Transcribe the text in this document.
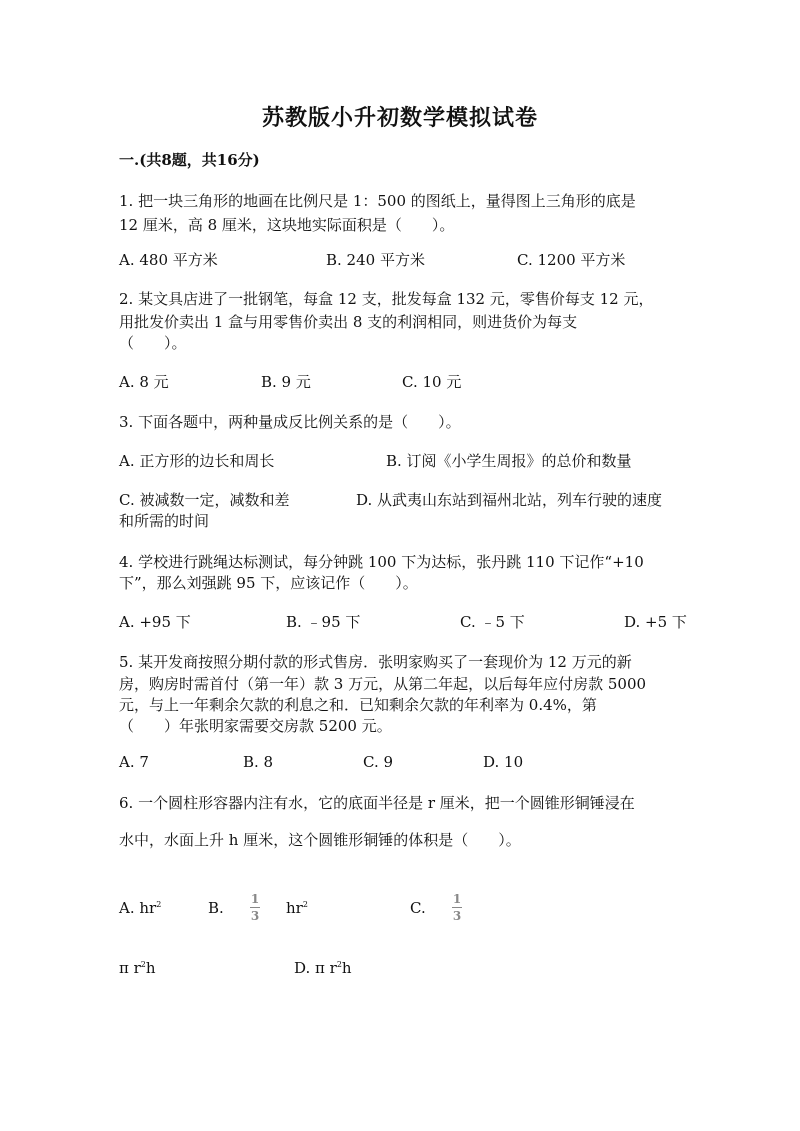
苏教版小升初数学模拟试卷
一.(共8题，共16分)
1. 把一块三角形的地画在比例尺是 1：500 的图纸上，量得图上三角形的底是
12 厘米，高 8 厘米，这块地实际面积是（　　）。
A. 480 平方米	B. 240 平方米	C. 1200 平方米
2. 某文具店进了一批钢笔，每盒 12 支，批发每盒 132 元，零售价每支 12 元，
用批发价卖出 1 盒与用零售价卖出 8 支的利润相同，则进货价为每支
（　　）。
A. 8 元	B. 9 元	C. 10 元
3. 下面各题中，两种量成反比例关系的是（　　）。
A. 正方形的边长和周长	B. 订阅《小学生周报》的总价和数量
C. 被减数一定，减数和差	D. 从武夷山东站到福州北站，列车行驶的速度
和所需的时间
4. 学校进行跳绳达标测试，每分钟跳 100 下为达标，张丹跳 110 下记作“+10
下”，那么刘强跳 95 下，应该记作（　　）。
A. +95 下	B. ﹣95 下	C. ﹣5 下	D. +5 下
5. 某开发商按照分期付款的形式售房．张明家购买了一套现价为 12 万元的新
房，购房时需首付（第一年）款 3 万元，从第二年起，以后每年应付房款 5000
元，与上一年剩余欠款的利息之和．已知剩余欠款的年利率为 0.4%，第
（　　）年张明家需要交房款 5200 元。
A. 7	B. 8	C. 9	D. 10
6. 一个圆柱形容器内注有水，它的底面半径是 r 厘米，把一个圆锥形铜锤浸在
水中，水面上升 h 厘米，这个圆锥形铜锤的体积是（　　）。
A. $hr^2$	B. 1
3 $hr^2$	C. 1
3
π $r^2h$	D. π $r^2h$
